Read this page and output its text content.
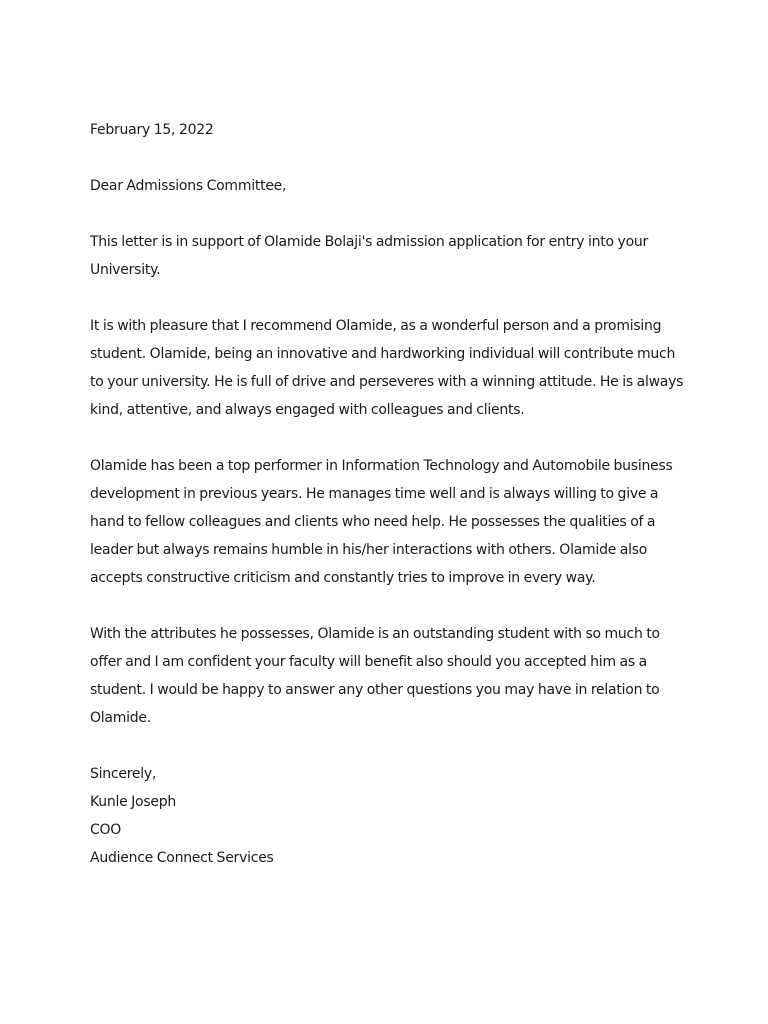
February 15, 2022

Dear Admissions Committee,

This letter is in support of Olamide Bolaji's admission application for entry into your
University.
It is with pleasure that I recommend Olamide, as a wonderful person and a promising
student. Olamide, being an innovative and hardworking individual will contribute much
to your university. He is full of drive and perseveres with a winning attitude. He is always
kind, attentive, and always engaged with colleagues and clients.
Olamide has been a top performer in Information Technology and Automobile business
development in previous years. He manages time well and is always willing to give a
hand to fellow colleagues and clients who need help. He possesses the qualities of a
leader but always remains humble in his/her interactions with others. Olamide also
accepts constructive criticism and constantly tries to improve in every way.
With the attributes he possesses, Olamide is an outstanding student with so much to
offer and I am confident your faculty will benefit also should you accepted him as a
student. I would be happy to answer any other questions you may have in relation to
Olamide.
Sincerely,
Kunle Joseph
COO
Audience Connect Services
